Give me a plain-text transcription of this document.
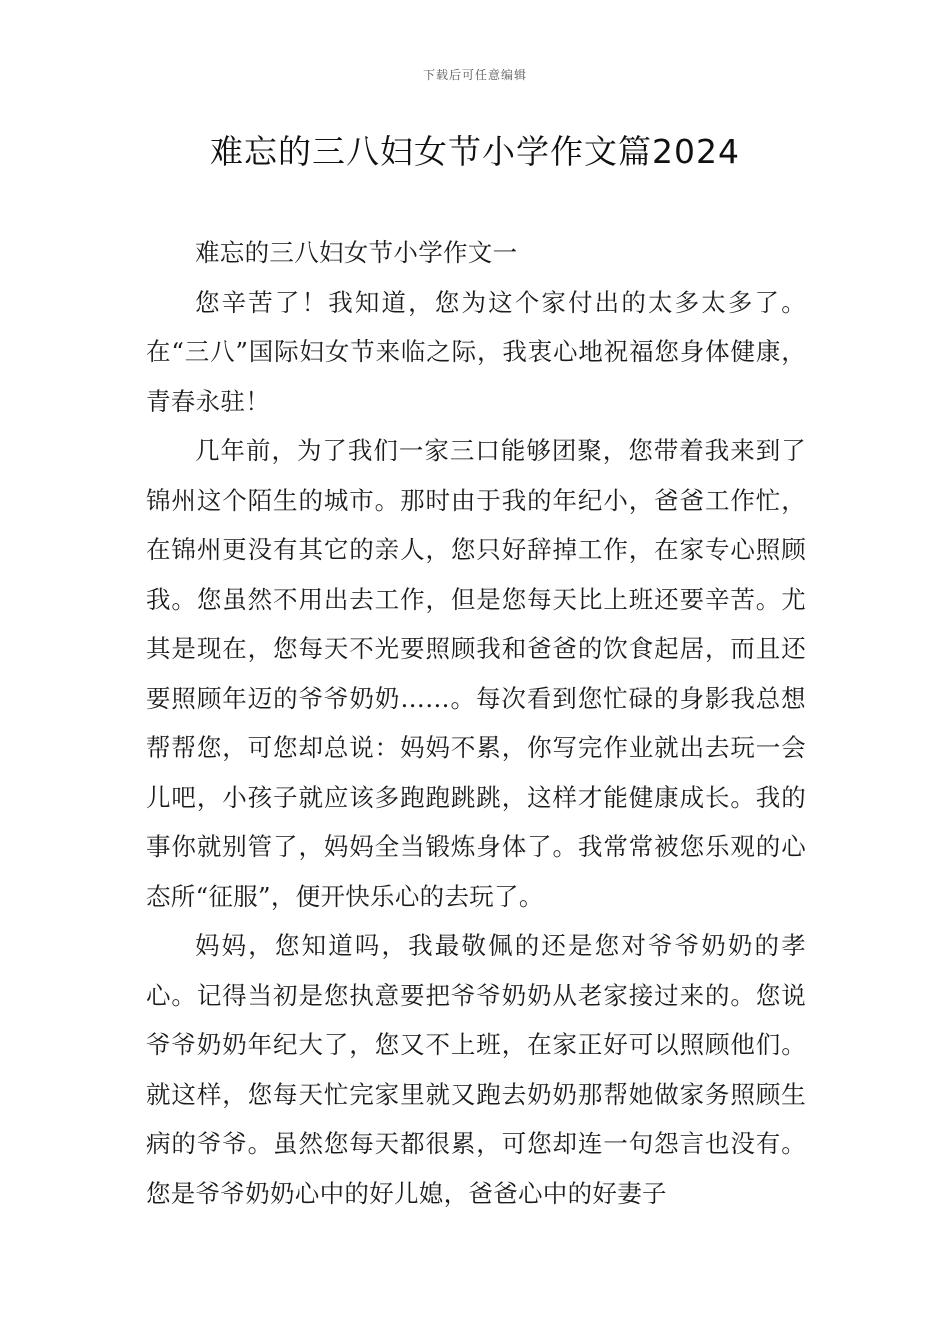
下载后可任意编辑
难忘的三八妇女节小学作文篇2024

难忘的三八妇女节小学作文一

您辛苦了！我知道，您为这个家付出的太多太多了。在“三八”国际妇女节来临之际，我衷心地祝福您身体健康，青春永驻！

几年前，为了我们一家三口能够团聚，您带着我来到了锦州这个陌生的城市。那时由于我的年纪小，爸爸工作忙，在锦州更没有其它的亲人，您只好辞掉工作，在家专心照顾我。您虽然不用出去工作，但是您每天比上班还要辛苦。尤其是现在，您每天不光要照顾我和爸爸的饮食起居，而且还要照顾年迈的爷爷奶奶……。每次看到您忙碌的身影我总想帮帮您，可您却总说：妈妈不累，你写完作业就出去玩一会儿吧，小孩子就应该多跑跑跳跳，这样才能健康成长。我的事你就别管了，妈妈全当锻炼身体了。我常常被您乐观的心态所“征服”，便开快乐心的去玩了。

妈妈，您知道吗，我最敬佩的还是您对爷爷奶奶的孝心。记得当初是您执意要把爷爷奶奶从老家接过来的。您说爷爷奶奶年纪大了，您又不上班，在家正好可以照顾他们。就这样，您每天忙完家里就又跑去奶奶那帮她做家务照顾生病的爷爷。虽然您每天都很累，可您却连一句怨言也没有。您是爷爷奶奶心中的好儿媳，爸爸心中的好妻子
